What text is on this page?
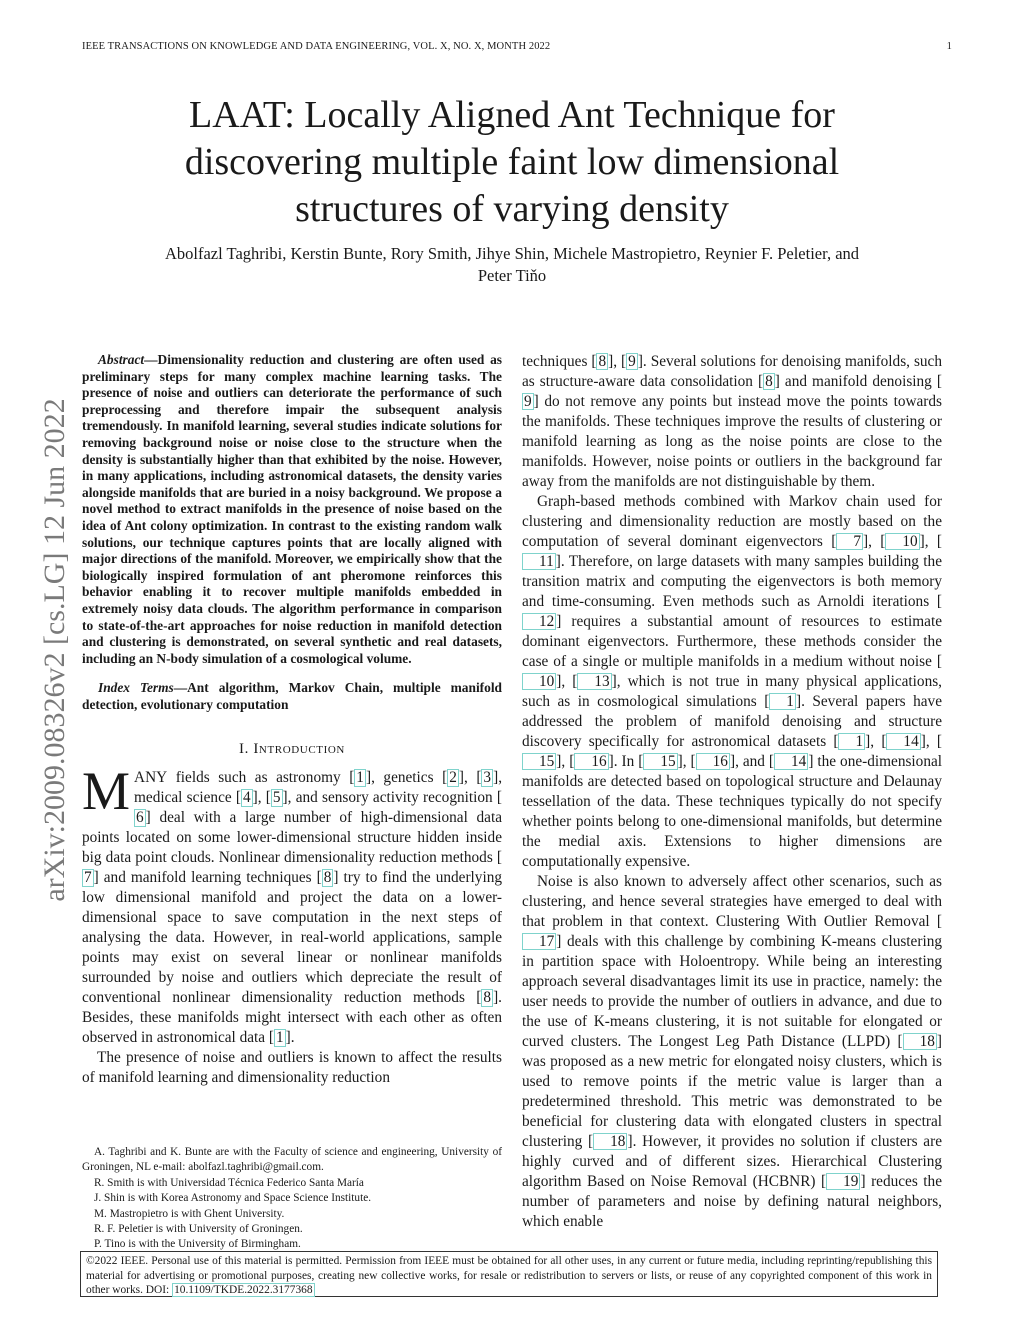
IEEE TRANSACTIONS ON KNOWLEDGE AND DATA ENGINEERING, VOL. X, NO. X, MONTH 2022	1
arXiv:2009.08326v2 [cs.LG] 12 Jun 2022
LAAT: Locally Aligned Ant Technique for
discovering multiple faint low dimensional
structures of varying density
Abolfazl Taghribi, Kerstin Bunte, Rory Smith, Jihye Shin, Michele Mastropietro, Reynier F. Peletier, and
Peter Tiňo

Abstract—Dimensionality reduction and clustering are often used as preliminary steps for many complex machine learning tasks. The presence of noise and outliers can deteriorate the performance of such preprocessing and therefore impair the subsequent analysis tremendously. In manifold learning, several studies indicate solutions for removing background noise or noise close to the structure when the density is substantially higher than that exhibited by the noise. However, in many applications, including astronomical datasets, the density varies alongside manifolds that are buried in a noisy background. We propose a novel method to extract manifolds in the presence of noise based on the idea of Ant colony optimization. In contrast to the existing random walk solutions, our technique captures points that are locally aligned with major directions of the manifold. Moreover, we empirically show that the biologically inspired formulation of ant pheromone reinforces this behavior enabling it to recover multiple manifolds embedded in extremely noisy data clouds. The algorithm performance in comparison to state-of-the-art approaches for noise reduction in manifold detection and clustering is demonstrated, on several synthetic and real datasets, including an N-body simulation of a cosmological volume.

Index Terms—Ant algorithm, Markov Chain, multiple manifold detection, evolutionary computation

I. Introduction

MANY fields such as astronomy [ 1 ], genetics [ 2 ], [ 3 ], medical science [ 4 ], [ 5 ], and sensory activity recognition [6 ] deal with a large number of high-dimensional data points located on some lower-dimensional structure hidden inside big data point clouds. Nonlinear dimensionality reduction methods [7 ] and manifold learning techniques [ 8 ] try to find the underlying low dimensional manifold and project the data on a lower-dimensional space to save computation in the next steps of analysing the data. However, in real-world applications, sample points may exist on several linear or nonlinear manifolds surrounded by noise and outliers which depreciate the result of conventional nonlinear dimensionality reduction methods [ 8 ]. Besides, these manifolds might intersect with each other as often observed in astronomical data [ 1 ].

The presence of noise and outliers is known to affect the results of manifold learning and dimensionality reduction

A. Taghribi and K. Bunte are with the Faculty of science and engineering, University of Groningen, NL e-mail: abolfazl.taghribi@gmail.com.

R. Smith is with Universidad Técnica Federico Santa María

J. Shin is with Korea Astronomy and Space Science Institute.

M. Mastropietro is with Ghent University.

R. F. Peletier is with University of Groningen.

P. Tino is with the University of Birmingham.

techniques [ 8 ], [ 9 ]. Several solutions for denoising manifolds, such as structure-aware data consolidation [ 8 ] and manifold denoising [9 ] do not remove any points but instead move the points towards the manifolds. These techniques improve the results of clustering or manifold learning as long as the noise points are close to the manifolds. However, noise points or outliers in the background far away from the manifolds are not distinguishable by them.

Graph-based methods combined with Markov chain used for clustering and dimensionality reduction are mostly based on the computation of several dominant eigenvectors [ 7 ], [ 10 ], [11 ]. Therefore, on large datasets with many samples building the transition matrix and computing the eigenvectors is both memory and time-consuming. Even methods such as Arnoldi iterations [12 ] requires a substantial amount of resources to estimate dominant eigenvectors. Furthermore, these methods consider the case of a single or multiple manifolds in a medium without noise [10 ], [ 13 ], which is not true in many physical applications, such as in cosmological simulations [ 1 ]. Several papers have addressed the problem of manifold denoising and structure discovery specifically for astronomical datasets [ 1 ], [ 14 ], [15 ], [ 16 ]. In [ 15 ], [ 16 ], and [ 14 ] the one-dimensional manifolds are detected based on topological structure and Delaunay tessellation of the data. These techniques typically do not specify whether points belong to one-dimensional manifolds, but determine the medial axis. Extensions to higher dimensions are computationally expensive.

Noise is also known to adversely affect other scenarios, such as clustering, and hence several strategies have emerged to deal with that problem in that context. Clustering With Outlier Removal [17 ] deals with this challenge by combining K-means clustering in partition space with Holoentropy. While being an interesting approach several disadvantages limit its use in practice, namely: the user needs to provide the number of outliers in advance, and due to the use of K-means clustering, it is not suitable for elongated or curved clusters. The Longest Leg Path Distance (LLPD) [ 18 ] was proposed as a new metric for elongated noisy clusters, which is used to remove points if the metric value is larger than a predetermined threshold. This metric was demonstrated to be beneficial for clustering data with elongated clusters in spectral clustering [ 18 ]. However, it provides no solution if clusters are highly curved and of different sizes. Hierarchical Clustering algorithm Based on Noise Removal (HCBNR) [ 19 ] reduces the number of parameters and noise by defining natural neighbors, which enable

©2022 IEEE. Personal use of this material is permitted. Permission from IEEE must be obtained for all other uses, in any current or future media, including reprinting/republishing this material for advertising or promotional purposes, creating new collective works, for resale or redistribution to servers or lists, or reuse of any copyrighted component of this work in other works. DOI: 10.1109/TKDE.2022.3177368
